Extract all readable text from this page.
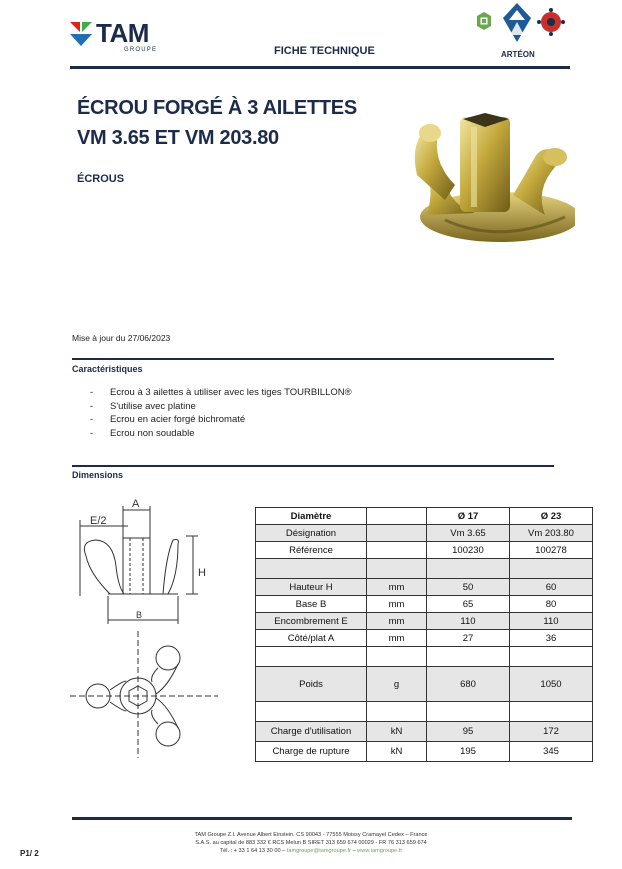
TAM
GROUPE	FICHE TECHNIQUE	ARTÉON
ÉCROU FORGÉ À 3 AILETTES
VM 3.65 ET VM 203.80
ÉCROUS
Mise à jour du 27/06/2023
Caractéristiques
- Ecrou à 3 ailettes à utiliser avec les tiges TOURBILLON®
- S'utilise avec platine
- Ecrou en acier forgé bichromaté
- Ecrou non soudable
Dimensions
A
E/2
H
B
Diamètre		Ø 17	Ø 23
Désignation		Vm 3.65	Vm 203.80
Référence		100230	100278

Hauteur H	mm	50	60
Base B	mm	65	80
Encombrement E	mm	110	110
Côté/plat A	mm	27	36

Poids	g	680	1050

Charge d'utilisation	kN	95	172
Charge de rupture	kN	195	345
TAM Groupe Z.I. Avenue Albert Einstein. CS 90043 - 77555 Moissy Cramayel Cedex – France
S.A.S. au capital de 883 332 € RCS Melun B SIRET 313 659 674 00029 - FR 76 313 659 674
Tél. : + 33 1 64 13 30 00 – tamgroupe@tamgroupe.fr – www.tamgroupe.fr
P1/ 2
